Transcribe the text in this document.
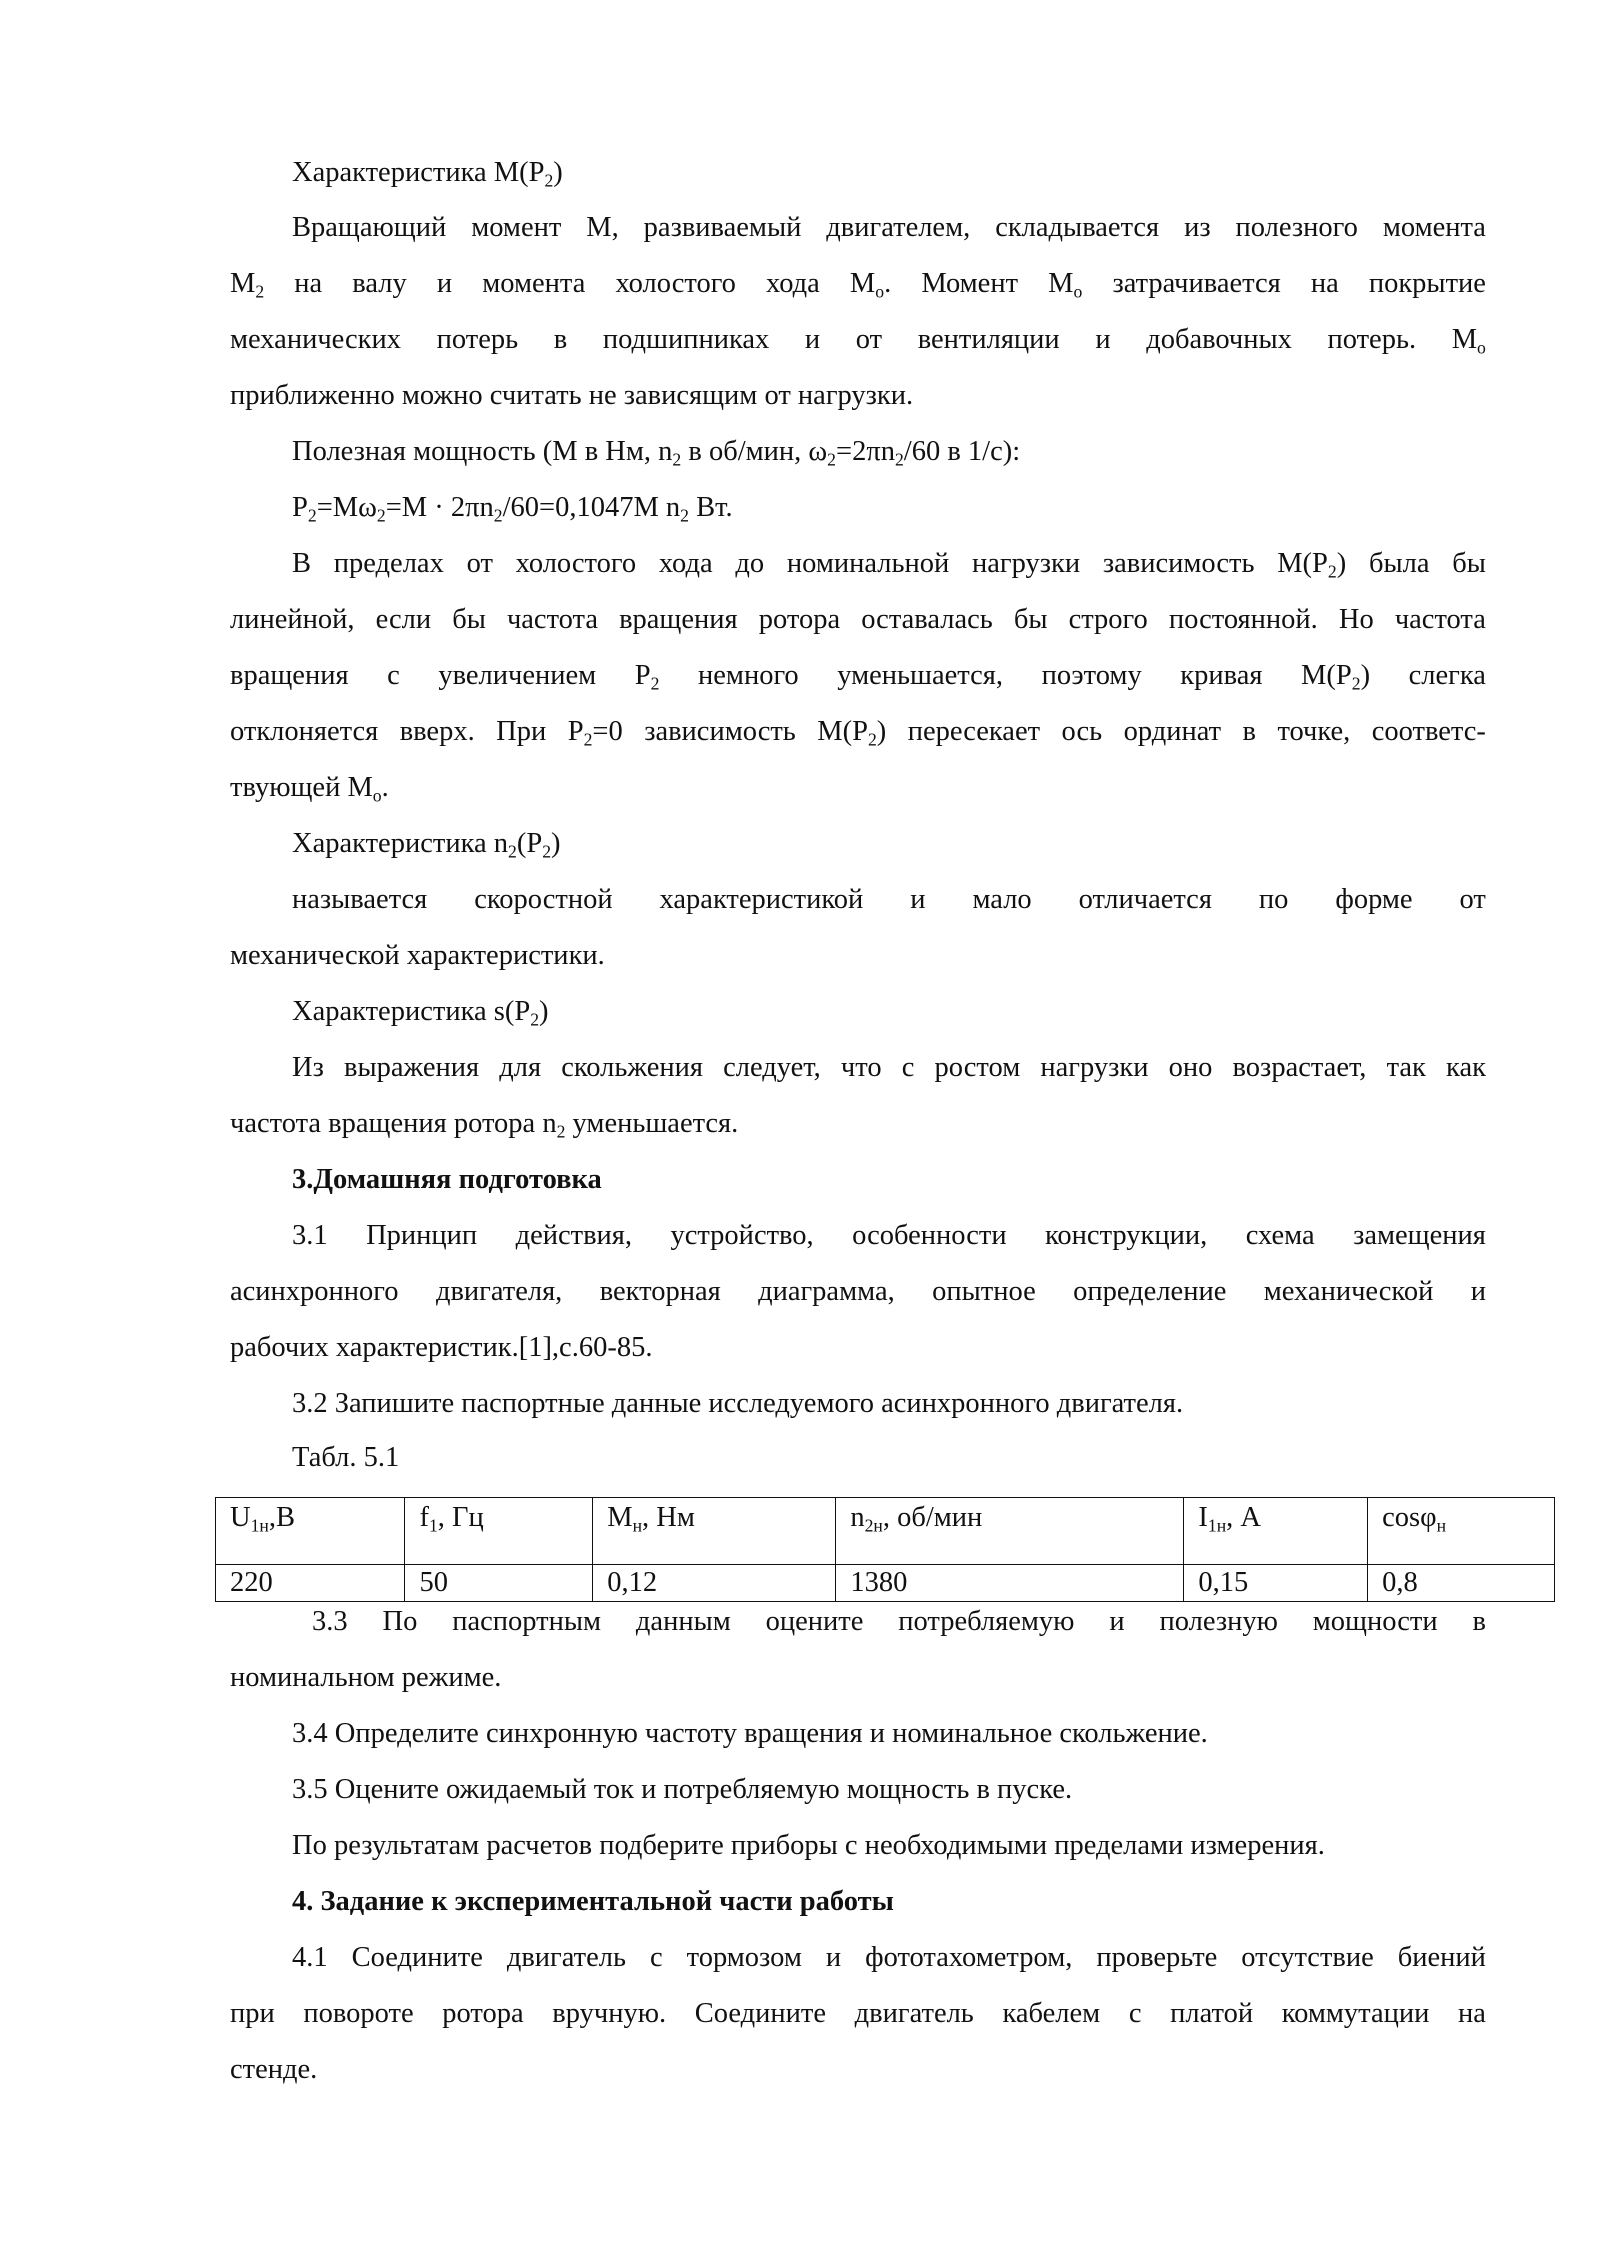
Характеристика $М(Р_2)$
Вращающий момент М, развиваемый двигателем, складывается из полезного момента
$М_2$ на валу и момента холостого хода $М_о$. Момент $М_о$ затрачивается на покрытие
механических потерь в подшипниках и от вентиляции и добавочных потерь. $М_о$
приближенно можно считать не зависящим от нагрузки.
Полезная мощность (М в Нм, $n_2$ в об/мин, $\omega_2=2\pi n_2/60$ в 1/с):
$Р_2=М\omega_2=М \cdot 2\pi n_2/60=0,1047М$ $n_2$ Вт.
В пределах от холостого хода до номинальной нагрузки зависимость $М(Р_2)$ была бы
линейной, если бы частота вращения ротора оставалась бы строго постоянной. Но частота
вращения с увеличением $Р_2$ немного уменьшается, поэтому кривая $М(Р_2)$ слегка
отклоняется вверх. При $Р_2=0$ зависимость $М(Р_2)$ пересекает ось ординат в точке, соответс-
твующей $М_о$.
Характеристика $n_2(Р_2)$
называется скоростной характеристикой и мало отличается по форме от
механической характеристики.
Характеристика $s(Р_2)$
Из выражения для скольжения следует, что с ростом нагрузки оно возрастает, так как
частота вращения ротора $n_2$ уменьшается.
3.Домашняя подготовка
3.1 Принцип действия, устройство, особенности конструкции, схема замещения
асинхронного двигателя, векторная диаграмма, опытное определение механической и
рабочих характеристик.[1],с.60-85.
3.2 Запишите паспортные данные исследуемого асинхронного двигателя.
Табл. 5.1
$U_{1н},В$	$f_1$, Гц	$М_н$, Нм	$n_{2н}$, об/мин	$I_{1н}$, А	cosφ$_н$
220	50	0,12	1380	0,15	0,8
3.3 По паспортным данным оцените потребляемую и полезную мощности в
номинальном режиме.
3.4 Определите синхронную частоту вращения и номинальное скольжение.
3.5 Оцените ожидаемый ток и потребляемую мощность в пуске.
По результатам расчетов подберите приборы с необходимыми пределами измерения.
4. Задание к экспериментальной части работы
4.1 Соедините двигатель с тормозом и фототахометром, проверьте отсутствие биений
при повороте ротора вручную. Соедините двигатель кабелем с платой коммутации на
стенде.
